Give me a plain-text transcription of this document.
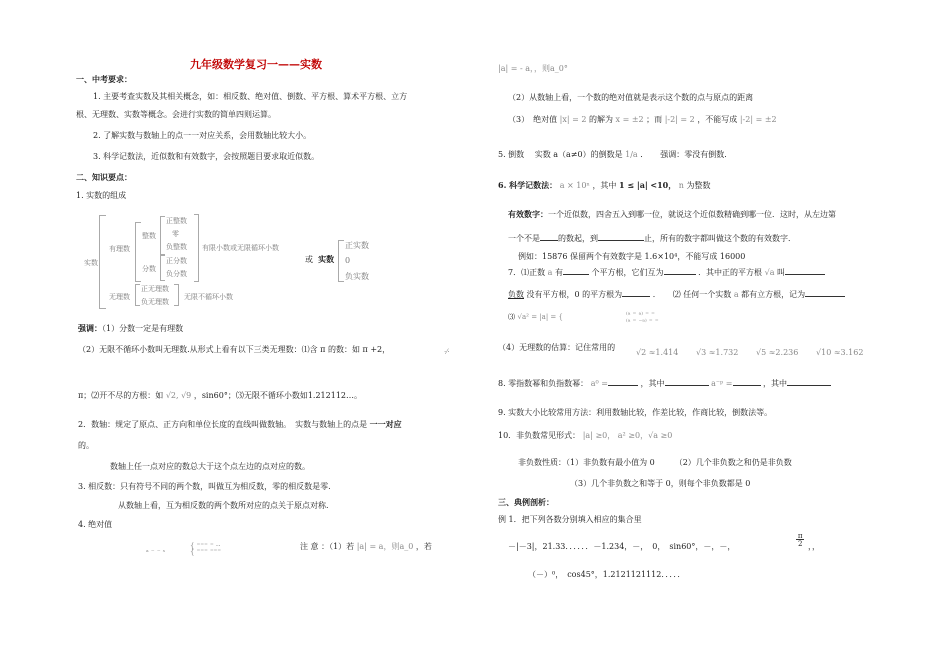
九年级数学复习一——实数
一、中考要求：
1. 主要考查实数及其相关概念，如：相反数、绝对值、倒数、平方根、算术平方根、立方
根、无理数、实数等概念。会进行实数的简单四则运算。
2. 了解实数与数轴上的点一一对应关系，会用数轴比较大小。
3. 科学记数法，近似数和有效数字，会按照题目要求取近似数。
二、知识要点：
1. 实数的组成
实数
有理数
无理数
整数
分数
正整数
零
负整数
正分数
负分数
有限小数或无限循环小数
正无理数
负无理数
无限不循环小数
或 实数
正实数
0
负实数
强调：（1）分数一定是有理数
（2）无限不循环小数叫无理数.从形式上看有以下三类无理数：⑴含 π 的数：如 π +2，	·⁄·
π；⑵开不尽的方根：如 √2, √9 ，sin60°；⑶无限不循环小数如1.212112…。
2．数轴：规定了原点、正方向和单位长度的直线叫做数轴。　实数与数轴上的点是 一一对应
的。
数轴上任一点对应的数总大于这个点左边的点对应的数。
3. 相反数：只有符号不同的两个数，叫做互为相反数，零的相反数是零.
从数轴上看，互为相反数的两个数所对应的点关于原点对称.
4. 绝对值
ₐ ₋ ₋ ₛ	{ ⁼⁼⁼ ⁼ ··
{ ⁼⁼⁼ ⁼⁼⁼
注 意 ：（1）若 |a| = a，则a_0 ，若
|a| = - a，，则a_0°
（2）从数轴上看，一个数的绝对值就是表示这个数的点与原点的距离
（3）　绝对值 |x| = 2 的解为 x = ±2 ；而 |-2| = 2 ，不能写成 |-2| = ±2
5. 倒数　 实数 a（a≠0）的倒数是 1/a ．　　强调：零没有倒数．
6. 科学记数法： a × 10ⁿ ，其中 1 ≤ |a| <10， n 为整数
有效数字：一个近似数，四舍五入到哪一位，就说这个近似数精确到哪一位．这时，从左边第
一个不是 的数起，到	止，所有的数字都叫做这个数的有效数字．
例如：15876 保留两个有效数字是 1.6×10⁴，不能写成 16000
7．⑴正数 a 有	个平方根，它们互为	．其中正的平方根 √a 叫
负数 没有平方根，0 的平方根为	．　　⑵ 任何一个实数 a 都有立方根，记为
⑶ √a² = |a| = {	⁽ᵃ ⁼ ᵃ⁾ ⁼ ⁼
⁽ᵃ ⁼ ⁻ᵃ⁾ ⁼ ⁼
（4）无理数的估算：记住常用的
√2 ≈1.414 √3 ≈1.732 √5 ≈2.236 √10 ≈3.162
8. 零指数幂和负指数幂： a⁰ =	，其中	a⁻ᵖ =	，其中
9. 实数大小比较常用方法：利用数轴比较，作差比较，作商比较，倒数法等。
10．非负数常见形式： |a| ≥0， a² ≥0，√a ≥0
非负数性质：（1）非负数有最小值为 0　　　（2）几个非负数之和仍是非负数
（3）几个非负数之和等于 0，则每个非负数都是 0
三、典例剖析：
例 1．把下列各数分别填入相应的集合里
－|－3|，21.33．．．．．．－1.234，－，　0，　sin60°，－，－，	$\frac{\pi}{2}$ ，，
（－）⁰，　cos45°，1.2121121112．．．．．
